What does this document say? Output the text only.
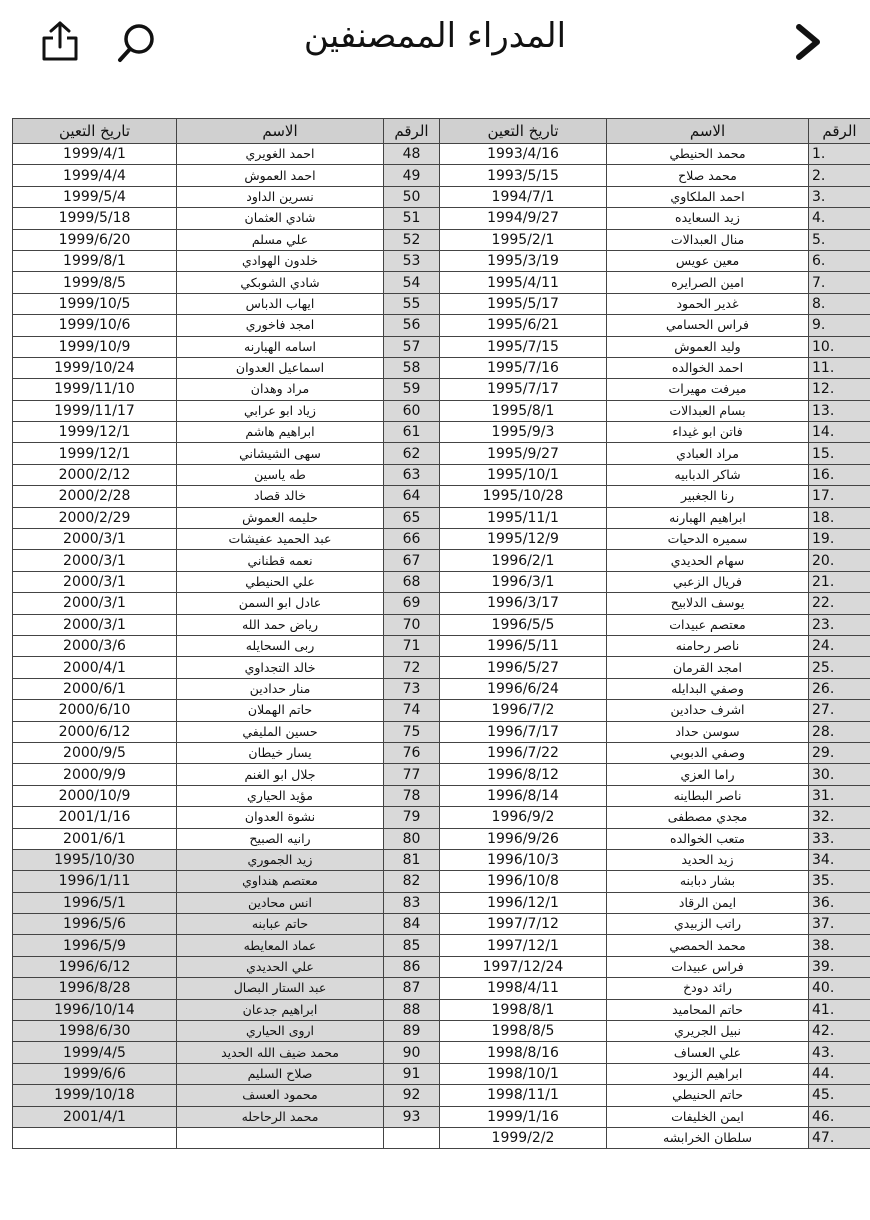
المدراء الممصنفين
تاريخ التعين	الاسم	الرقم	تاريخ التعين	الاسم	الرقم
1999/4/1	احمد الغويري	48	1993/4/16	محمد الحنيطي	1.
1999/4/4	احمد العموش	49	1993/5/15	محمد صلاح	2.
1999/5/4	نسرين الداود	50	1994/7/1	احمد الملكاوي	3.
1999/5/18	شادي العثمان	51	1994/9/27	زيد السعايده	4.
1999/6/20	علي مسلم	52	1995/2/1	منال العبدالات	5.
1999/8/1	خلدون الهوادي	53	1995/3/19	معين عويس	6.
1999/8/5	شادي الشوبكي	54	1995/4/11	امين الصرايره	7.
1999/10/5	ايهاب الدباس	55	1995/5/17	غدير الحمود	8.
1999/10/6	امجد فاخوري	56	1995/6/21	فراس الحسامي	9.
1999/10/9	اسامه الهبارنه	57	1995/7/15	وليد العموش	10.
1999/10/24	اسماعيل العدوان	58	1995/7/16	احمد الخوالده	11.
1999/11/10	مراد وهدان	59	1995/7/17	ميرفت مهيرات	12.
1999/11/17	زياد ابو عرابي	60	1995/8/1	بسام العبدالات	13.
1999/12/1	ابراهيم هاشم	61	1995/9/3	فاتن ابو غيداء	14.
1999/12/1	سهى الشيشاني	62	1995/9/27	مراد العبادي	15.
2000/2/12	طه ياسين	63	1995/10/1	شاكر الدبابيه	16.
2000/2/28	خالد قصاد	64	1995/10/28	رنا الجغبير	17.
2000/2/29	حليمه العموش	65	1995/11/1	ابراهيم الهبارنه	18.
2000/3/1	عبد الحميد عفيشات	66	1995/12/9	سميره الدحيات	19.
2000/3/1	نعمه قطناني	67	1996/2/1	سهام الحديدي	20.
2000/3/1	علي الحنيطي	68	1996/3/1	فريال الزعبي	21.
2000/3/1	عادل ابو السمن	69	1996/3/17	يوسف الدلابيح	22.
2000/3/1	رياض حمد الله	70	1996/5/5	معتصم عبيدات	23.
2000/3/6	ربى السحايله	71	1996/5/11	ناصر رحامنه	24.
2000/4/1	خالد التجداوي	72	1996/5/27	امجد القرمان	25.
2000/6/1	منار حدادين	73	1996/6/24	وصفي البدايله	26.
2000/6/10	حاتم الهملان	74	1996/7/2	اشرف حدادين	27.
2000/6/12	حسين المليفي	75	1996/7/17	سوسن حداد	28.
2000/9/5	يسار خيطان	76	1996/7/22	وصفي الدبوبي	29.
2000/9/9	جلال ابو الغنم	77	1996/8/12	راما العزي	30.
2000/10/9	مؤيد الحياري	78	1996/8/14	ناصر البطاينه	31.
2001/1/16	نشوة العدوان	79	1996/9/2	مجدي مصطفى	32.
2001/6/1	رانيه الصبيح	80	1996/9/26	متعب الخوالده	33.
1995/10/30	زيد الجموري	81	1996/10/3	زيد الحديد	34.
1996/1/11	معتصم هنداوي	82	1996/10/8	بشار دبابنه	35.
1996/5/1	انس محادين	83	1996/12/1	ايمن الرقاد	36.
1996/5/6	حاتم عبابنه	84	1997/7/12	راتب الزبيدي	37.
1996/5/9	عماد المعايطه	85	1997/12/1	محمد الحمصي	38.
1996/6/12	علي الحديدي	86	1997/12/24	فراس عبيدات	39.
1996/8/28	عبد الستار البصال	87	1998/4/11	رائد دودخ	40.
1996/10/14	ابراهيم جدعان	88	1998/8/1	حاتم المحاميد	41.
1998/6/30	اروى الحياري	89	1998/8/5	نبيل الجريري	42.
1999/4/5	محمد ضيف الله الحديد	90	1998/8/16	علي العساف	43.
1999/6/6	صلاح السليم	91	1998/10/1	ابراهيم الزيود	44.
1999/10/18	محمود العسف	92	1998/11/1	حاتم الحنيطي	45.
2001/4/1	محمد الرحاحله	93	1999/1/16	ايمن الخليفات	46.
			1999/2/2	سلطان الخرابشه	47.
